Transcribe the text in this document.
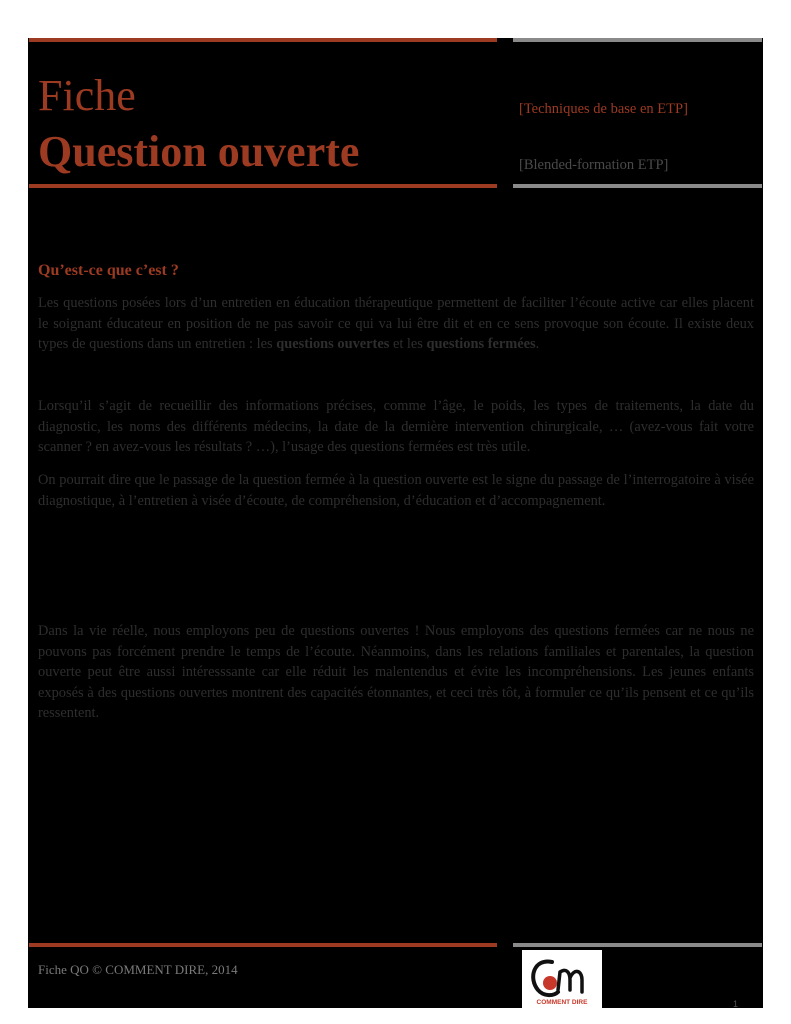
Fiche
Question ouverte
[Techniques de base en ETP]
[Blended-formation ETP]
Qu’est-ce que c’est ?

Les questions posées lors d’un entretien en éducation thérapeutique permettent de faciliter l’écoute active car elles placent le soignant éducateur en position de ne pas savoir ce qui va lui être dit et en ce sens provoque son écoute. Il existe deux types de questions dans un entretien : les questions ouvertes et les questions fermées.

Lorsqu’il s’agit de recueillir des informations précises, comme l’âge, le poids, les types de traitements, la date du diagnostic, les noms des différents médecins, la date de la dernière intervention chirurgicale, … (avez-vous fait votre scanner ? en avez-vous les résultats ? …), l’usage des questions fermées est très utile.

On pourrait dire que le passage de la question fermée à la question ouverte est le signe du passage de l’interrogatoire à visée diagnostique, à l’entretien à visée d’écoute, de compréhension, d’éducation et d’accompagnement.

Dans la vie réelle, nous employons peu de questions ouvertes ! Nous employons des questions fermées car ne nous ne pouvons pas forcément prendre le temps de l’écoute. Néanmoins, dans les relations familiales et parentales, la question ouverte peut être aussi intéresssante car elle réduit les malentendus et évite les incompréhensions. Les jeunes enfants exposés à des questions ouvertes montrent des capacités étonnantes, et ceci très tôt, à formuler ce qu’ils pensent et ce qu’ils ressentent.

Fiche QO © COMMENT DIRE, 2014
COMMENT DIRE	1
